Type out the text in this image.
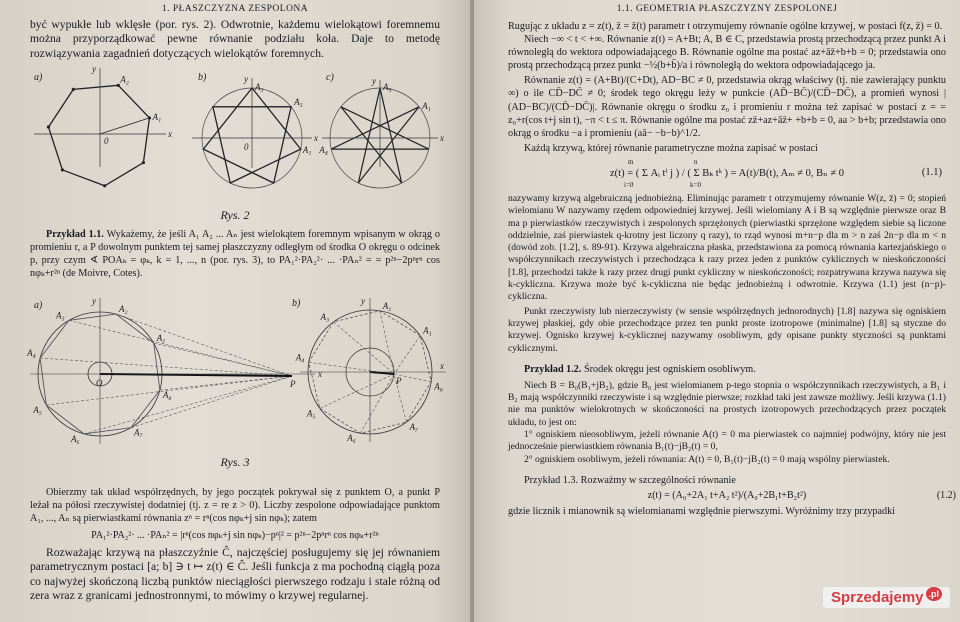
1. PŁASZCZYZNA ZESPOLONA

być wypukłe lub wklęsłe (por. rys. 2). Odwrotnie, każdemu wielokątowi foremnemu można przyporządkować pewne równanie podziału koła. Daje to metodę rozwiązywania zagadnień dotyczących wielokątów foremnych.

x
y
a)
A₁
A₂
0	x
y
b)
A₃
A₅
A₁
0
x
y
c)
A₅
A₁
A₄
Rys. 2

Przykład 1.1. Wykażemy, że jeśli A₁ A₂ ... Aₙ jest wielokątem foremnym wpisanym w okrąg o promieniu r, a P dowolnym punktem tej samej płaszczyzny odległym od środka O okręgu o odcinek p, przy czym ∢ POAₖ = φₖ, k = 1, ..., n (por. rys. 3), to PA₁²·PA₂²· ... ·PAₙ² = = p²ⁿ−2pⁿrⁿ cos nφₖ+r²ⁿ (de Moivre, Cotes).

a)
x
y
P
O
A₁
A₂
A₃
A₄
A₅
A₆
A₇
A₈
b)
x
y
P
A₁
A₂
A₃
A₄
A₅
A₆
A₇
A₈
Rys. 3

Obierzmy tak układ współrzędnych, by jego początek pokrywał się z punktem O, a punkt P leżał na półosi rzeczywistej dodatniej (tj. z = re z > 0). Liczby zespolone odpowiadające punktom A₁, ..., Aₙ są pierwiastkami równania zⁿ = rⁿ(cos nφₖ+j sin nφₖ); zatem

PA₁²·PA₂²· ... ·PAₙ² = |rⁿ(cos nφₖ+j sin nφₖ)−pⁿ|² = p²ⁿ−2pⁿrⁿ cos nφₖ+r²ⁿ

Rozważając krzywą na płaszczyźnie Ĉ, najczęściej posługujemy się jej równaniem parametrycznym postaci [a; b] ∋ t ↦ z(t) ∈ Ĉ. Jeśli funkcja z ma pochodną ciągłą poza co najwyżej skończoną liczbą punktów nieciągłości pierwszego rodzaju i stale różną od zera wraz z granicami jednostronnymi, to mówimy o krzywej regularnej.

1.1. GEOMETRIA PŁASZCZYZNY ZESPOLONEJ

Rugując z układu z = z(t), z̄ = z̄(t) parametr t otrzymujemy równanie ogólne krzywej, w postaci f(z, z̄) = 0.

Niech −∞ < t < +∞. Równanie z(t) = A+Bt; A, B ∈ C, przedstawia prostą przechodzącą przez punkt A i równoległą do wektora odpowiadającego B. Równanie ogólne ma postać az+āz̄+b+b = 0; przedstawia ono prostą przechodzącą przez punkt −½(b+b̄)/a i równoległą do wektora odpowiadającego ja.

Równanie z(t) = (A+Bt)/(C+Dt), AD−BC ≠ 0, przedstawia okrąg właściwy (tj. nie zawierający punktu ∞) o ile CD̄−DC̄ ≠ 0; środek tego okręgu leży w punkcie (AD̄−BC̄)/(CD̄−DC̄), a promień wynosi |(AD−BC)/(CD̄−DC̄)|. Równanie okręgu o środku z₀ i promieniu r można też zapisać w postaci z = = z₀+r(cos t+j sin t), −π < t ≤ π. Równanie ogólne ma postać zz̄+az+āz̄+ +b+b = 0, aa > b+b; przedstawia ono okrąg o środku −a i promieniu (aā− −b−b)^1/2.

Każdą krzywą, której równanie parametryczne można zapisać w postaci

z(t) = ( Σ Aᵢ tⁱ j ) / ( Σ Bₖ tᵏ ) = A(t)/B(t), Aₘ ≠ 0, Bₙ ≠ 0
m
i=0
n
k=0
(1.1)

nazywamy krzywą algebraiczną jednobieżną. Eliminując parametr t otrzymujemy równanie W(z, z̄) = 0; stopień wielomianu W nazywamy rzędem odpowiedniej krzywej. Jeśli wielomiany A i B są względnie pierwsze oraz B ma p pierwiastków rzeczywistych i zespolonych sprzężonych (pierwiastki sprzężone względem siebie są liczone oddzielnie, zaś pierwiastek q-krotny jest liczony q razy), to rząd wynosi m+n−p dla m > n zaś 2n−p dla m < n (dowód zob. [1.2], s. 89-91). Krzywa algebraiczna płaska, przedstawiona za pomocą równania kartezjańskiego o współczynnikach rzeczywistych i przechodząca k razy przez jeden z punktów cyklicznych w nieskończoności [1.8], przechodzi także k razy przez drugi punkt cykliczny w nieskończoności; rozpatrywana krzywa nazywa się k-cykliczna. Krzywa może być k-cykliczna nie będąc jednobieżną i odwrotnie. Krzywa (1.1) jest (n−p)-cykliczna.

Punkt rzeczywisty lub nierzeczywisty (w sensie współrzędnych jednorodnych) [1.8] nazywa się ogniskiem krzywej płaskiej, gdy obie przechodzące przez ten punkt proste izotropowe (minimalne) [1.8] są styczne do krzywej. Ognisko krzywej k-cyklicznej nazywamy osobliwym, gdy opisane punkty styczności są punktami cyklicznymi.

Przykład 1.2. Środek okręgu jest ogniskiem osobliwym.

Niech B = B₀(B₁+jB₂), gdzie B₀ jest wielomianem p-tego stopnia o współczynnikach rzeczywistych, a B₁ i B₂ mają współczynniki rzeczywiste i są względnie pierwsze; rozkład taki jest zawsze możliwy. Jeśli krzywa (1.1) nie ma punktów wielokrotnych w skończoności na prostych izotropowych przechodzących przez początek układu, to jest on:

1° ogniskiem nieosobliwym, jeżeli równanie A(t) = 0 ma pierwiastek co najmniej podwójny, który nie jest jednocześnie pierwiastkiem równania B₁(t)−jB₂(t) = 0,

2° ogniskiem osobliwym, jeżeli równania: A(t) = 0, B₁(t)−jB₂(t) = 0 mają wspólny pierwiastek.

Przykład 1.3. Rozważmy w szczególności równanie

z(t) = (A₀+2A₁ t+A₂ t²)/(A₀+2B₁t+B₂t²)	(1.2)

gdzie licznik i mianownik są wielomianami względnie pierwszymi. Wyróżnimy trzy przypadki

Sprzedajemy $^{.pl}$
